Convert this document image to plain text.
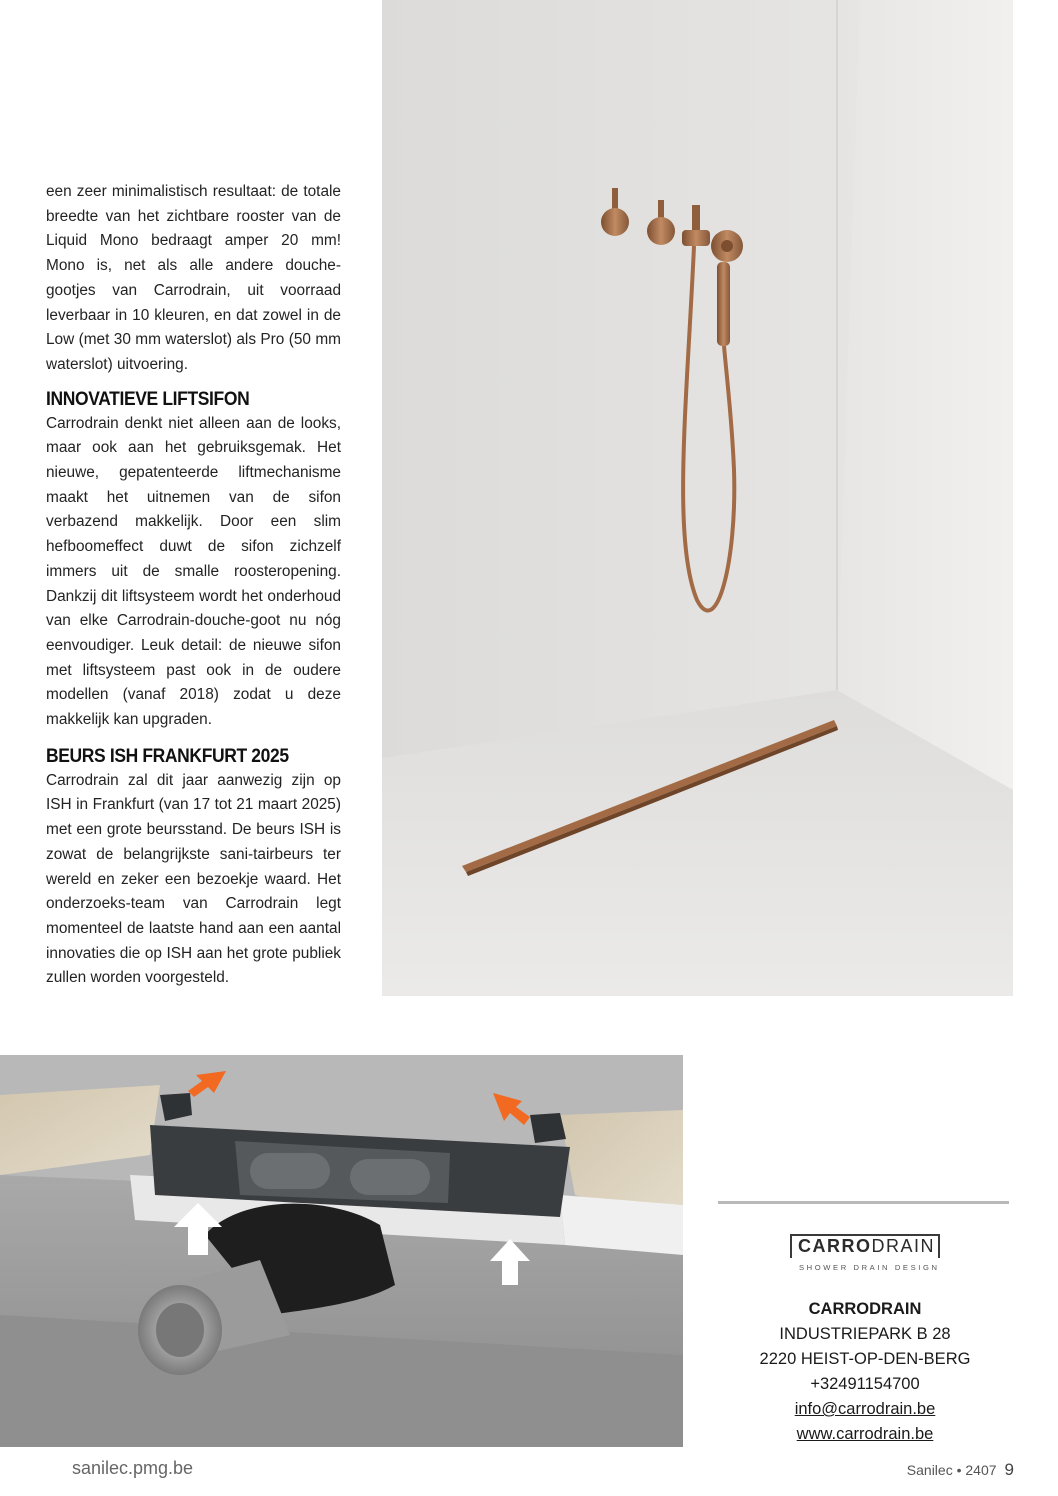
een zeer minimalistisch resultaat: de totale breedte van het zichtbare rooster van de Liquid Mono bedraagt amper 20 mm! Mono is, net als alle andere douche-gootjes van Carrodrain, uit voorraad leverbaar in 10 kleuren, en dat zowel in de Low (met 30 mm waterslot) als Pro (50 mm waterslot) uitvoering.

INNOVATIEVE LIFTSIFON

Carrodrain denkt niet alleen aan de looks, maar ook aan het gebruiksgemak. Het nieuwe, gepatenteerde liftmechanisme maakt het uitnemen van de sifon verbazend makkelijk. Door een slim hefboomeffect duwt de sifon zichzelf immers uit de smalle roosteropening. Dankzij dit liftsysteem wordt het onderhoud van elke Carrodrain-douche-goot nu nóg eenvoudiger. Leuk detail: de nieuwe sifon met liftsysteem past ook in de oudere modellen (vanaf 2018) zodat u deze makkelijk kan upgraden.

BEURS ISH FRANKFURT 2025

Carrodrain zal dit jaar aanwezig zijn op ISH in Frankfurt (van 17 tot 21 maart 2025) met een grote beursstand. De beurs ISH is zowat de belangrijkste sani-tairbeurs ter wereld en zeker een bezoekje waard. Het onderzoeks-team van Carrodrain legt momenteel de laatste hand aan een aantal innovaties die op ISH aan het grote publiek zullen worden voorgesteld.

CARRODRAIN
SHOWER DRAIN DESIGN
CARRODRAIN
INDUSTRIEPARK B 28
2220 HEIST-OP-DEN-BERG
+32491154700
info@carrodrain.be
www.carrodrain.be
sanilec.pmg.be	Sanilec • 2407 9
